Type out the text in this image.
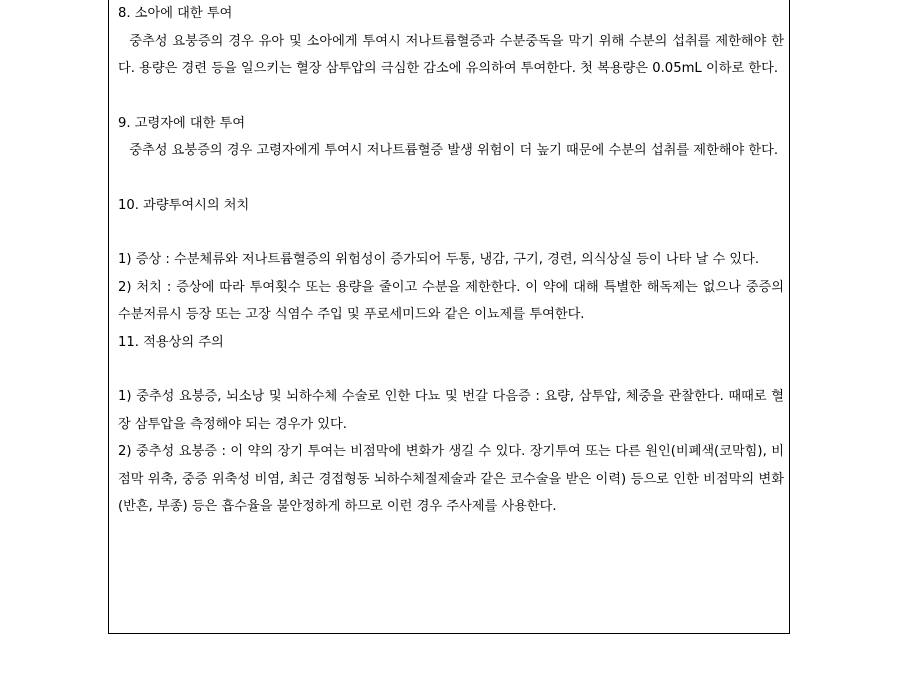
8. 소아에 대한 투여

중추성 요붕증의 경우 유아 및 소아에게 투여시 저나트륨혈증과 수분중독을 막기 위해 수분의 섭취를 제한해야 한다. 용량은 경련 등을 일으키는 혈장 삼투압의 극심한 감소에 유의하여 투여한다. 첫 복용량은 0.05mL 이하로 한다.

9. 고령자에 대한 투여

중추성 요붕증의 경우 고령자에게 투여시 저나트륨혈증 발생 위험이 더 높기 때문에 수분의 섭취를 제한해야 한다.

10. 과량투여시의 처치

1) 증상 : 수분체류와 저나트륨혈증의 위험성이 증가되어 두통, 냉감, 구기, 경련, 의식상실 등이 나타 날 수 있다.

2) 처치 : 증상에 따라 투여횟수 또는 용량을 줄이고 수분을 제한한다. 이 약에 대해 특별한 해독제는 없으나 중증의 수분저류시 등장 또는 고장 식염수 주입 및 푸로세미드와 같은 이뇨제를 투여한다.

11. 적용상의 주의

1) 중추성 요붕증, 뇌소낭 및 뇌하수체 수술로 인한 다뇨 및 번갈 다음증 : 요량, 삼투압, 체중을 관찰한다. 때때로 혈장 삼투압을 측정해야 되는 경우가 있다.

2) 중추성 요붕증 : 이 약의 장기 투여는 비점막에 변화가 생길 수 있다. 장기투여 또는 다른 원인(비폐색(코막힘), 비점막 위축, 중증 위축성 비염, 최근 경접형동 뇌하수체절제술과 같은 코수술을 받은 이력) 등으로 인한 비점막의 변화(반흔, 부종) 등은 흡수율을 불안정하게 하므로 이런 경우 주사제를 사용한다.
